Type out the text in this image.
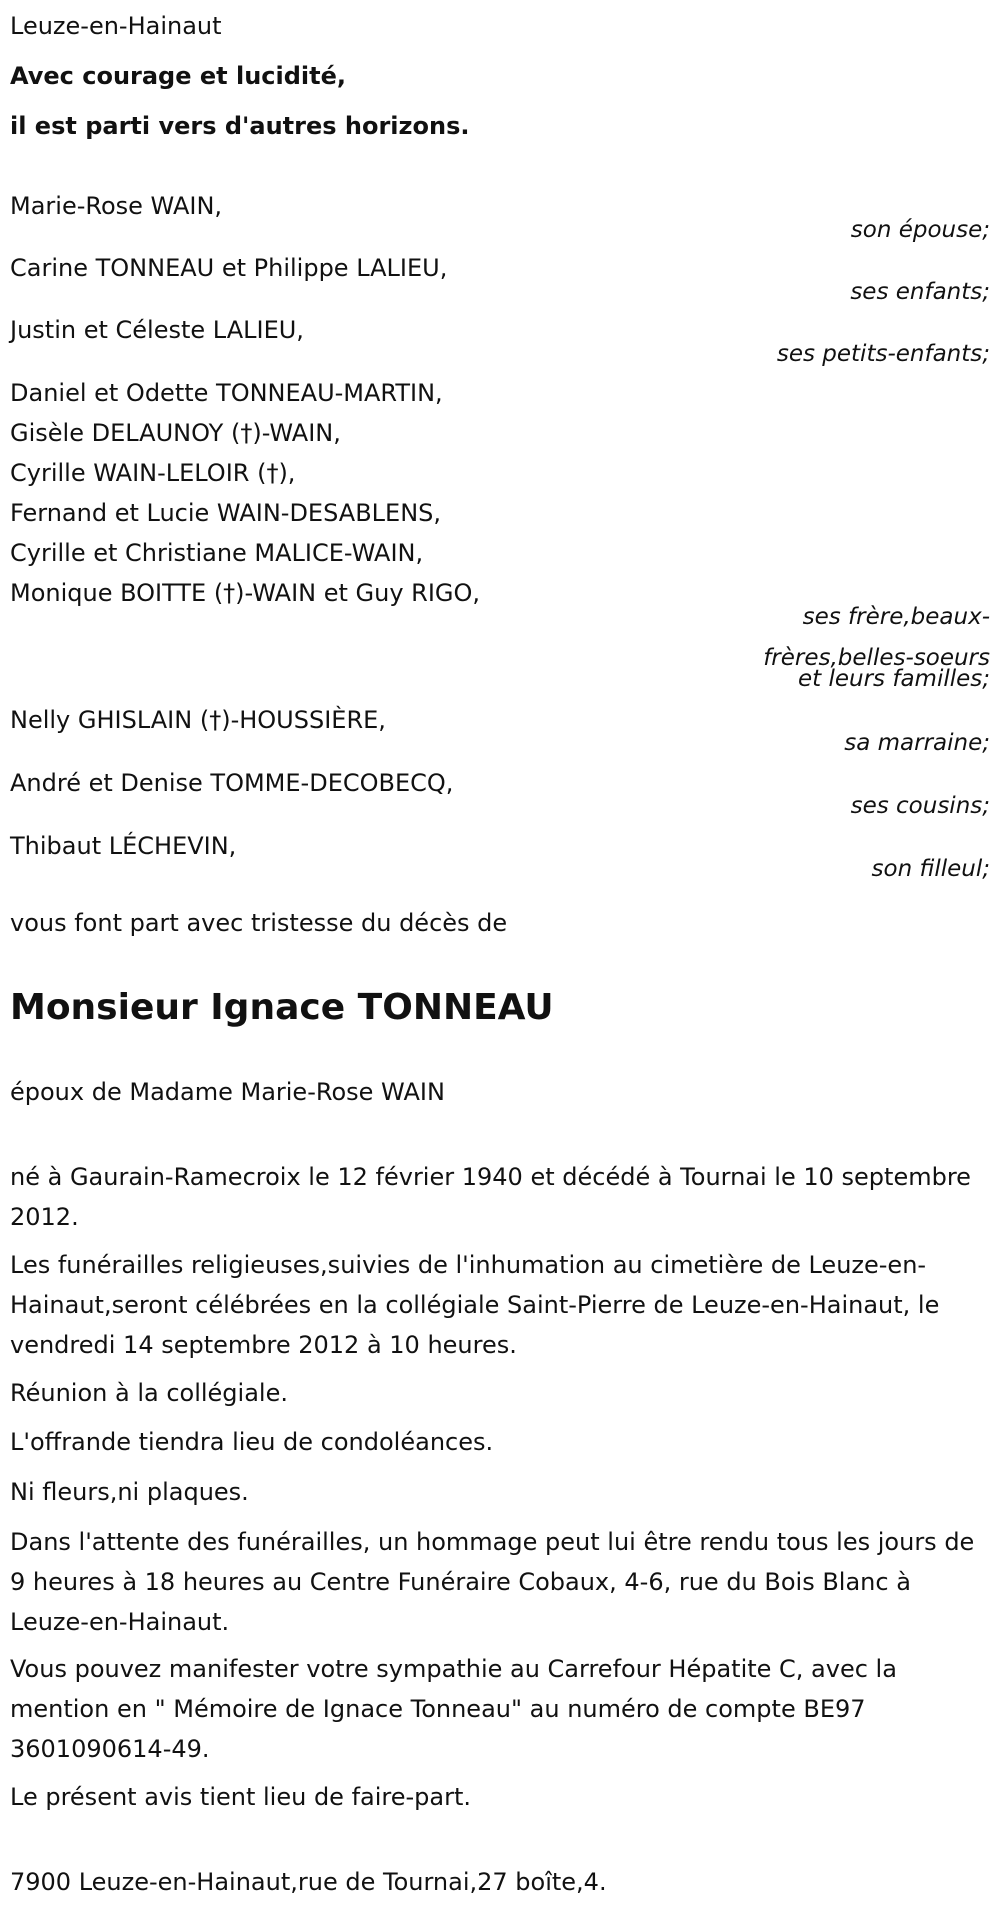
Leuze-en-Hainaut
Avec courage et lucidité,
il est parti vers d'autres horizons.
Marie-Rose WAIN,
son épouse;
Carine TONNEAU et Philippe LALIEU,
ses enfants;
Justin et Céleste LALIEU,
ses petits-enfants;
Daniel et Odette TONNEAU-MARTIN,
Gisèle DELAUNOY (†)-WAIN,
Cyrille WAIN-LELOIR (†),
Fernand et Lucie WAIN-DESABLENS,
Cyrille et Christiane MALICE-WAIN,
Monique BOITTE (†)-WAIN et Guy RIGO,
ses frère,beaux-
frères,belles-soeurs
et leurs familles;
Nelly GHISLAIN (†)-HOUSSIÈRE,
sa marraine;
André et Denise TOMME-DECOBECQ,
ses cousins;
Thibaut LÉCHEVIN,
son filleul;
vous font part avec tristesse du décès de
Monsieur Ignace TONNEAU
époux de Madame Marie-Rose WAIN
né à Gaurain-Ramecroix le 12 février 1940 et décédé à Tournai le 10 septembre 2012.
Les funérailles religieuses,suivies de l'inhumation au cimetière de Leuze-en-Hainaut,seront célébrées en la collégiale Saint-Pierre de Leuze-en-Hainaut, le vendredi 14 septembre 2012 à 10 heures.
Réunion à la collégiale.
L'offrande tiendra lieu de condoléances.
Ni fleurs,ni plaques.
Dans l'attente des funérailles, un hommage peut lui être rendu tous les jours de 9 heures à 18 heures au Centre Funéraire Cobaux, 4-6, rue du Bois Blanc à Leuze-en-Hainaut.
Vous pouvez manifester votre sympathie au Carrefour Hépatite C, avec la mention en " Mémoire de Ignace Tonneau" au numéro de compte BE97 3601090614-49.
Le présent avis tient lieu de faire-part.
7900 Leuze-en-Hainaut,rue de Tournai,27 boîte,4.
